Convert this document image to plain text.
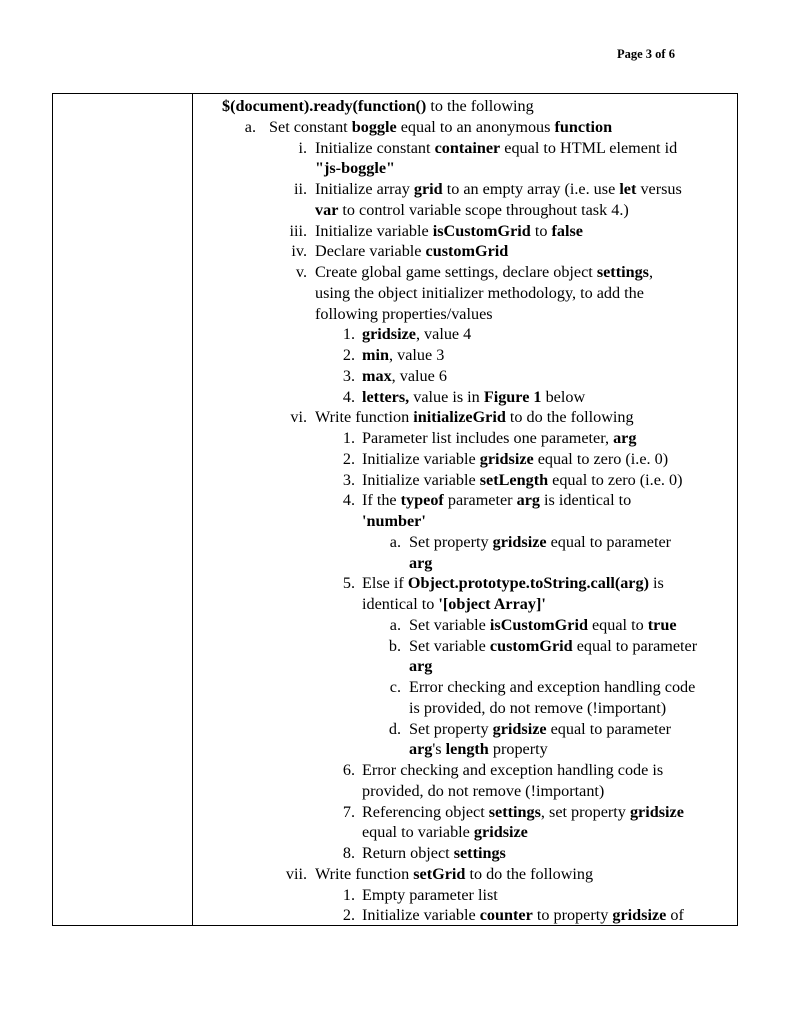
Page 3 of 6
$(document).ready(function() to the following
a. Set constant boggle equal to an anonymous function
i. Initialize constant container equal to HTML element id
"js-boggle"
ii. Initialize array grid to an empty array (i.e. use let versus
var to control variable scope throughout task 4.)
iii. Initialize variable isCustomGrid to false
iv. Declare variable customGrid
v. Create global game settings, declare object settings,
using the object initializer methodology, to add the
following properties/values
1. gridsize, value 4
2. min, value 3
3. max, value 6
4. letters, value is in Figure 1 below
vi. Write function initializeGrid to do the following
1. Parameter list includes one parameter, arg
2. Initialize variable gridsize equal to zero (i.e. 0)
3. Initialize variable setLength equal to zero (i.e. 0)
4. If the typeof parameter arg is identical to
'number'
a. Set property gridsize equal to parameter
arg
5. Else if Object.prototype.toString.call(arg) is
identical to '[object Array]'
a. Set variable isCustomGrid equal to true
b. Set variable customGrid equal to parameter
arg
c. Error checking and exception handling code
is provided, do not remove (!important)
d. Set property gridsize equal to parameter
arg's length property
6. Error checking and exception handling code is
provided, do not remove (!important)
7. Referencing object settings, set property gridsize
equal to variable gridsize
8. Return object settings
vii. Write function setGrid to do the following
1. Empty parameter list
2. Initialize variable counter to property gridsize of
